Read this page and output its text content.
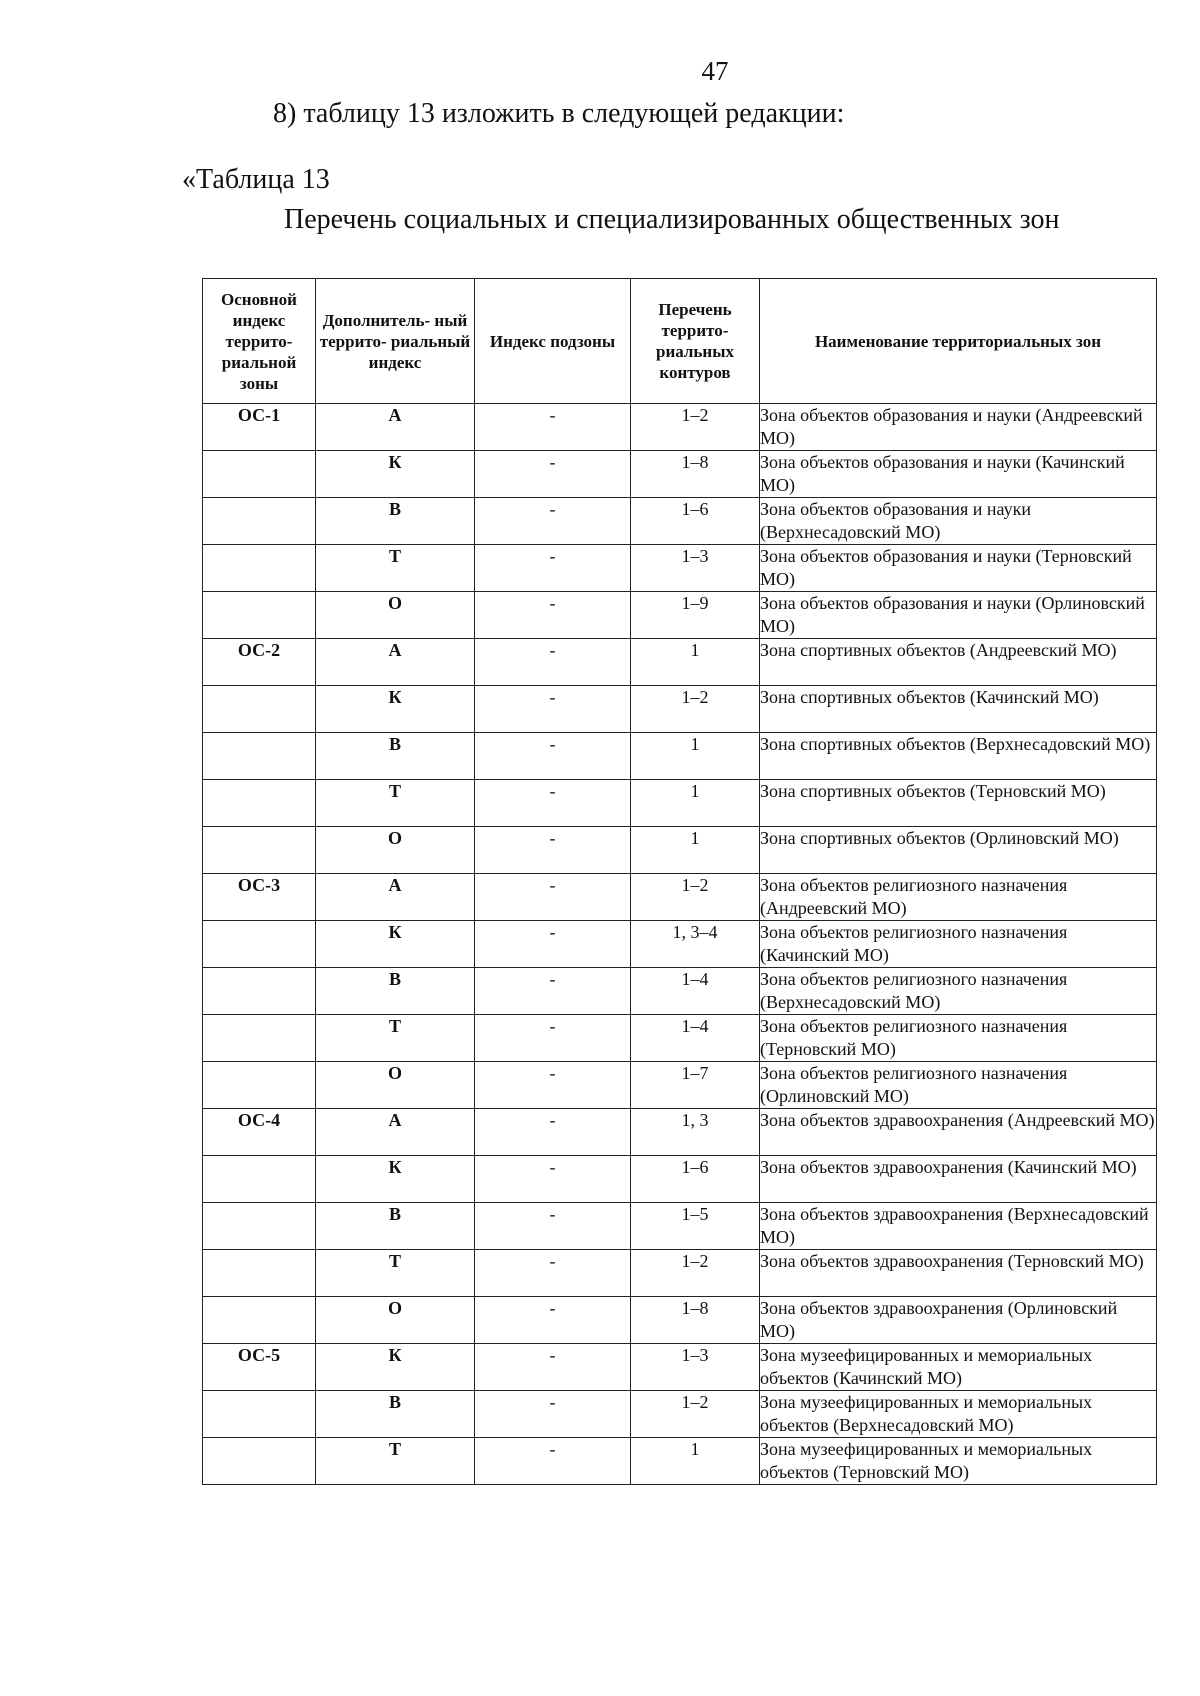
47
8) таблицу 13 изложить в следующей редакции:
«Таблица 13
Перечень социальных и специализированных общественных зон
Основной индекс террито- риальной зоны	Дополнитель- ный террито- риальный индекс	Индекс подзоны	Перечень террито- риальных контуров	Наименование территориальных зон
ОС-1	А	-	1–2	Зона объектов образования и науки (Андреевский МО)
	К	-	1–8	Зона объектов образования и науки (Качинский МО)
	В	-	1–6	Зона объектов образования и науки (Верхнесадовский МО)
	Т	-	1–3	Зона объектов образования и науки (Терновский МО)
	О	-	1–9	Зона объектов образования и науки (Орлиновский МО)
ОС-2	А	-	1	Зона спортивных объектов (Андреевский МО)
	К	-	1–2	Зона спортивных объектов (Качинский МО)
	В	-	1	Зона спортивных объектов (Верхнесадовский МО)
	Т	-	1	Зона спортивных объектов (Терновский МО)
	О	-	1	Зона спортивных объектов (Орлиновский МО)
ОС-3	А	-	1–2	Зона объектов религиозного назначения (Андреевский МО)
	К	-	1, 3–4	Зона объектов религиозного назначения (Качинский МО)
	В	-	1–4	Зона объектов религиозного назначения (Верхнесадовский МО)
	Т	-	1–4	Зона объектов религиозного назначения (Терновский МО)
	О	-	1–7	Зона объектов религиозного назначения (Орлиновский МО)
ОС-4	А	-	1, 3	Зона объектов здравоохранения (Андреевский МО)
	К	-	1–6	Зона объектов здравоохранения (Качинский МО)
	В	-	1–5	Зона объектов здравоохранения (Верхнесадовский МО)
	Т	-	1–2	Зона объектов здравоохранения (Терновский МО)
	О	-	1–8	Зона объектов здравоохранения (Орлиновский МО)
ОС-5	К	-	1–3	Зона музеефицированных и мемориальных объектов (Качинский МО)
	В	-	1–2	Зона музеефицированных и мемориальных объектов (Верхнесадовский МО)
	Т	-	1	Зона музеефицированных и мемориальных объектов (Терновский МО)
